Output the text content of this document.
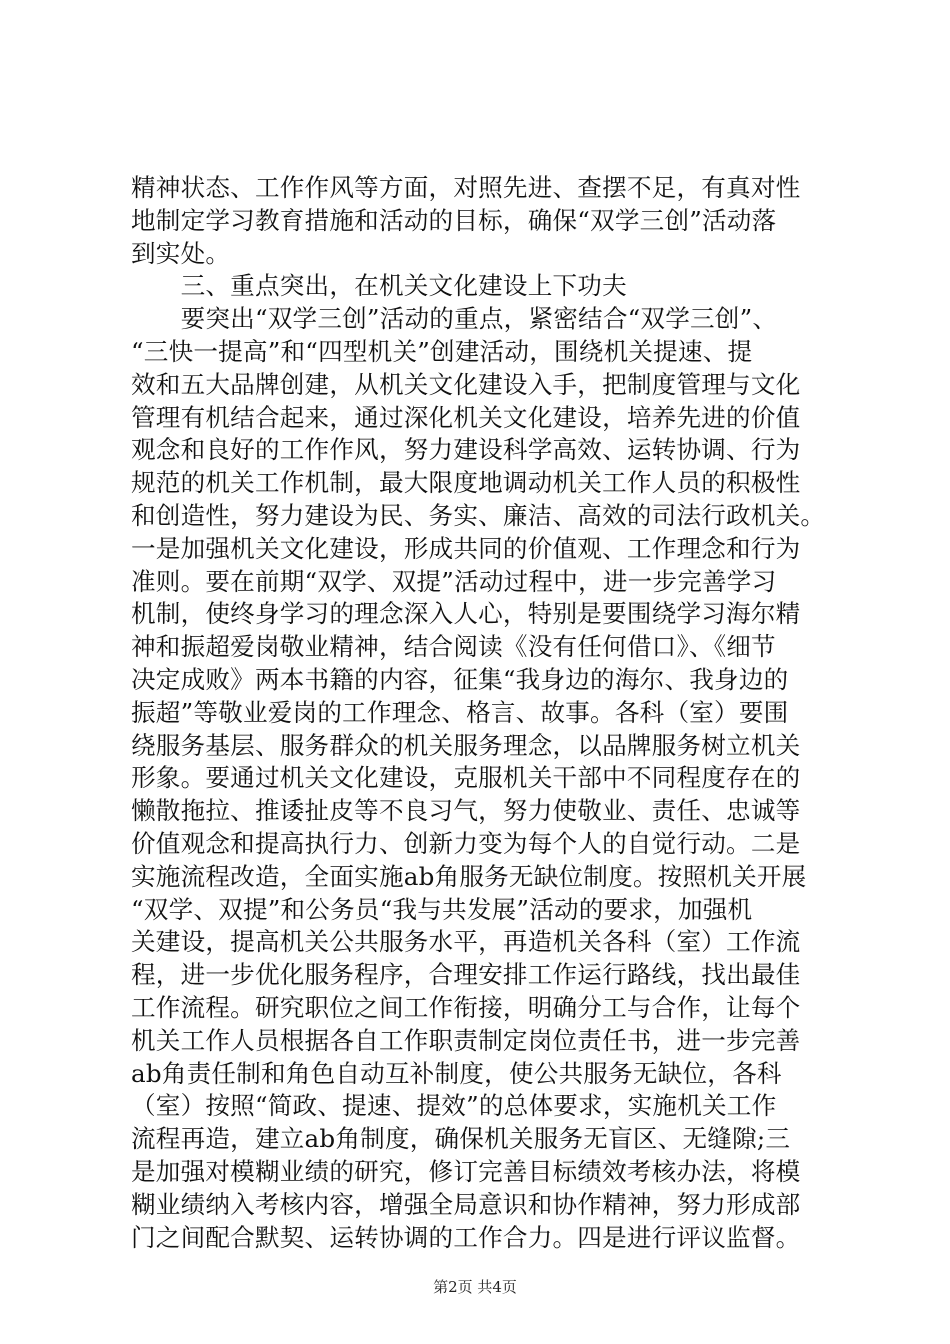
精神状态、工作作风等方面，对照先进、查摆不足，有真对性
地制定学习教育措施和活动的目标，确保“双学三创”活动落
到实处。
　　三、重点突出，在机关文化建设上下功夫
　　要突出“双学三创”活动的重点，紧密结合“双学三创”、
“三快一提高”和“四型机关”创建活动，围绕机关提速、提
效和五大品牌创建，从机关文化建设入手，把制度管理与文化
管理有机结合起来，通过深化机关文化建设，培养先进的价值
观念和良好的工作作风，努力建设科学高效、运转协调、行为
规范的机关工作机制，最大限度地调动机关工作人员的积极性
和创造性，努力建设为民、务实、廉洁、高效的司法行政机关。
一是加强机关文化建设，形成共同的价值观、工作理念和行为
准则。要在前期“双学、双提”活动过程中，进一步完善学习
机制，使终身学习的理念深入人心，特别是要围绕学习海尔精
神和振超爱岗敬业精神，结合阅读《没有任何借口》、《细节
决定成败》两本书籍的内容，征集“我身边的海尔、我身边的
振超”等敬业爱岗的工作理念、格言、故事。各科（室）要围
绕服务基层、服务群众的机关服务理念，以品牌服务树立机关
形象。要通过机关文化建设，克服机关干部中不同程度存在的
懒散拖拉、推诿扯皮等不良习气，努力使敬业、责任、忠诚等
价值观念和提高执行力、创新力变为每个人的自觉行动。二是
实施流程改造，全面实施ab角服务无缺位制度。按照机关开展
“双学、双提”和公务员“我与共发展”活动的要求，加强机
关建设，提高机关公共服务水平，再造机关各科（室）工作流
程，进一步优化服务程序，合理安排工作运行路线，找出最佳
工作流程。研究职位之间工作衔接，明确分工与合作，让每个
机关工作人员根据各自工作职责制定岗位责任书，进一步完善
ab角责任制和角色自动互补制度，使公共服务无缺位，各科
（室）按照“简政、提速、提效”的总体要求，实施机关工作
流程再造，建立ab角制度，确保机关服务无盲区、无缝隙;三
是加强对模糊业绩的研究，修订完善目标绩效考核办法，将模
糊业绩纳入考核内容，增强全局意识和协作精神，努力形成部
门之间配合默契、运转协调的工作合力。四是进行评议监督。
第2页 共4页
